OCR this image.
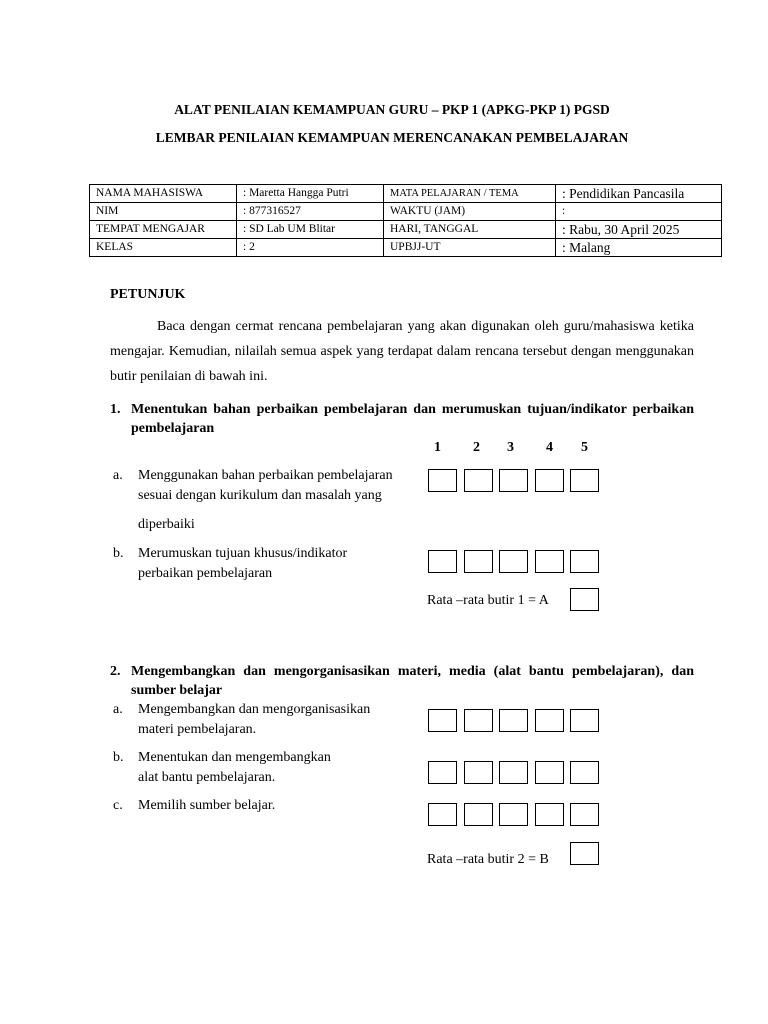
ALAT PENILAIAN KEMAMPUAN GURU – PKP 1 (APKG-PKP 1) PGSD
LEMBAR PENILAIAN KEMAMPUAN MERENCANAKAN PEMBELAJARAN
NAMA MAHASISWA	: Maretta Hangga Putri	MATA PELAJARAN / TEMA	: Pendidikan Pancasila
NIM	: 877316527	WAKTU (JAM)	:
TEMPAT MENGAJAR	: SD Lab UM Blitar	HARI, TANGGAL	: Rabu, 30 April 2025
KELAS	: 2	UPBJJ-UT	: Malang
PETUNJUK
Baca dengan cermat rencana pembelajaran yang akan digunakan oleh guru/mahasiswa ketika mengajar. Kemudian, nilailah semua aspek yang terdapat dalam rencana tersebut dengan menggunakan butir penilaian di bawah ini.
1. Menentukan bahan perbaikan pembelajaran dan merumuskan tujuan/indikator perbaikan pembelajaran
1 2 3 4 5
a.	Menggunakan bahan perbaikan pembelajaran
sesuai dengan kurikulum dan masalah yang
diperbaiki
b.	Merumuskan tujuan khusus/indikator
perbaikan pembelajaran
Rata –rata butir 1 = A
2. Mengembangkan dan mengorganisasikan materi, media (alat bantu pembelajaran), dan sumber belajar
a.	Mengembangkan dan mengorganisasikan
materi pembelajaran.
b.	Menentukan dan mengembangkan
alat bantu pembelajaran.
c.	Memilih sumber belajar.
Rata –rata butir 2 = B
